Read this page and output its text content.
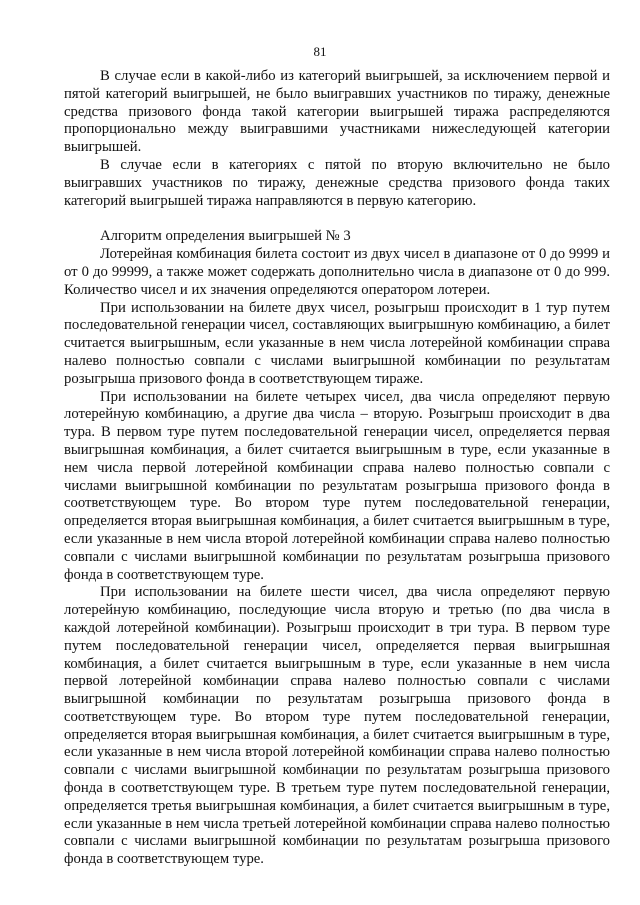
81

В случае если в какой-либо из категорий выигрышей, за исключением первой и пятой категорий выигрышей, не было выигравших участников по тиражу, денежные средства призового фонда такой категории выигрышей тиража распределяются пропорционально между выигравшими участниками нижеследующей категории выигрышей.

В случае если в категориях с пятой по вторую включительно не было выигравших участников по тиражу, денежные средства призового фонда таких категорий выигрышей тиража направляются в первую категорию.

Алгоритм определения выигрышей № 3

Лотерейная комбинация билета состоит из двух чисел в диапазоне от 0 до 9999 и от 0 до 99999, а также может содержать дополнительно числа в диапазоне от 0 до 999. Количество чисел и их значения определяются оператором лотереи.

При использовании на билете двух чисел, розыгрыш происходит в 1 тур путем последовательной генерации чисел, составляющих выигрышную комбинацию, а билет считается выигрышным, если указанные в нем числа лотерейной комбинации справа налево полностью совпали с числами выигрышной комбинации по результатам розыгрыша призового фонда в соответствующем тираже.

При использовании на билете четырех чисел, два числа определяют первую лотерейную комбинацию, а другие два числа – вторую. Розыгрыш происходит в два тура. В первом туре путем последовательной генерации чисел, определяется первая выигрышная комбинация, а билет считается выигрышным в туре, если указанные в нем числа первой лотерейной комбинации справа налево полностью совпали с числами выигрышной комбинации по результатам розыгрыша призового фонда в соответствующем туре. Во втором туре путем последовательной генерации, определяется вторая выигрышная комбинация, а билет считается выигрышным в туре, если указанные в нем числа второй лотерейной комбинации справа налево полностью совпали с числами выигрышной комбинации по результатам розыгрыша призового фонда в соответствующем туре.

При использовании на билете шести чисел, два числа определяют первую лотерейную комбинацию, последующие числа вторую и третью (по два числа в каждой лотерейной комбинации). Розыгрыш происходит в три тура. В первом туре путем последовательной генерации чисел, определяется первая выигрышная комбинация, а билет считается выигрышным в туре, если указанные в нем числа первой лотерейной комбинации справа налево полностью совпали с числами выигрышной комбинации по результатам розыгрыша призового фонда в соответствующем туре. Во втором туре путем последовательной генерации, определяется вторая выигрышная комбинация, а билет считается выигрышным в туре, если указанные в нем числа второй лотерейной комбинации справа налево полностью совпали с числами выигрышной комбинации по результатам розыгрыша призового фонда в соответствующем туре. В третьем туре путем последовательной генерации, определяется третья выигрышная комбинация, а билет считается выигрышным в туре, если указанные в нем числа третьей лотерейной комбинации справа налево полностью совпали с числами выигрышной комбинации по результатам розыгрыша призового фонда в соответствующем туре.
